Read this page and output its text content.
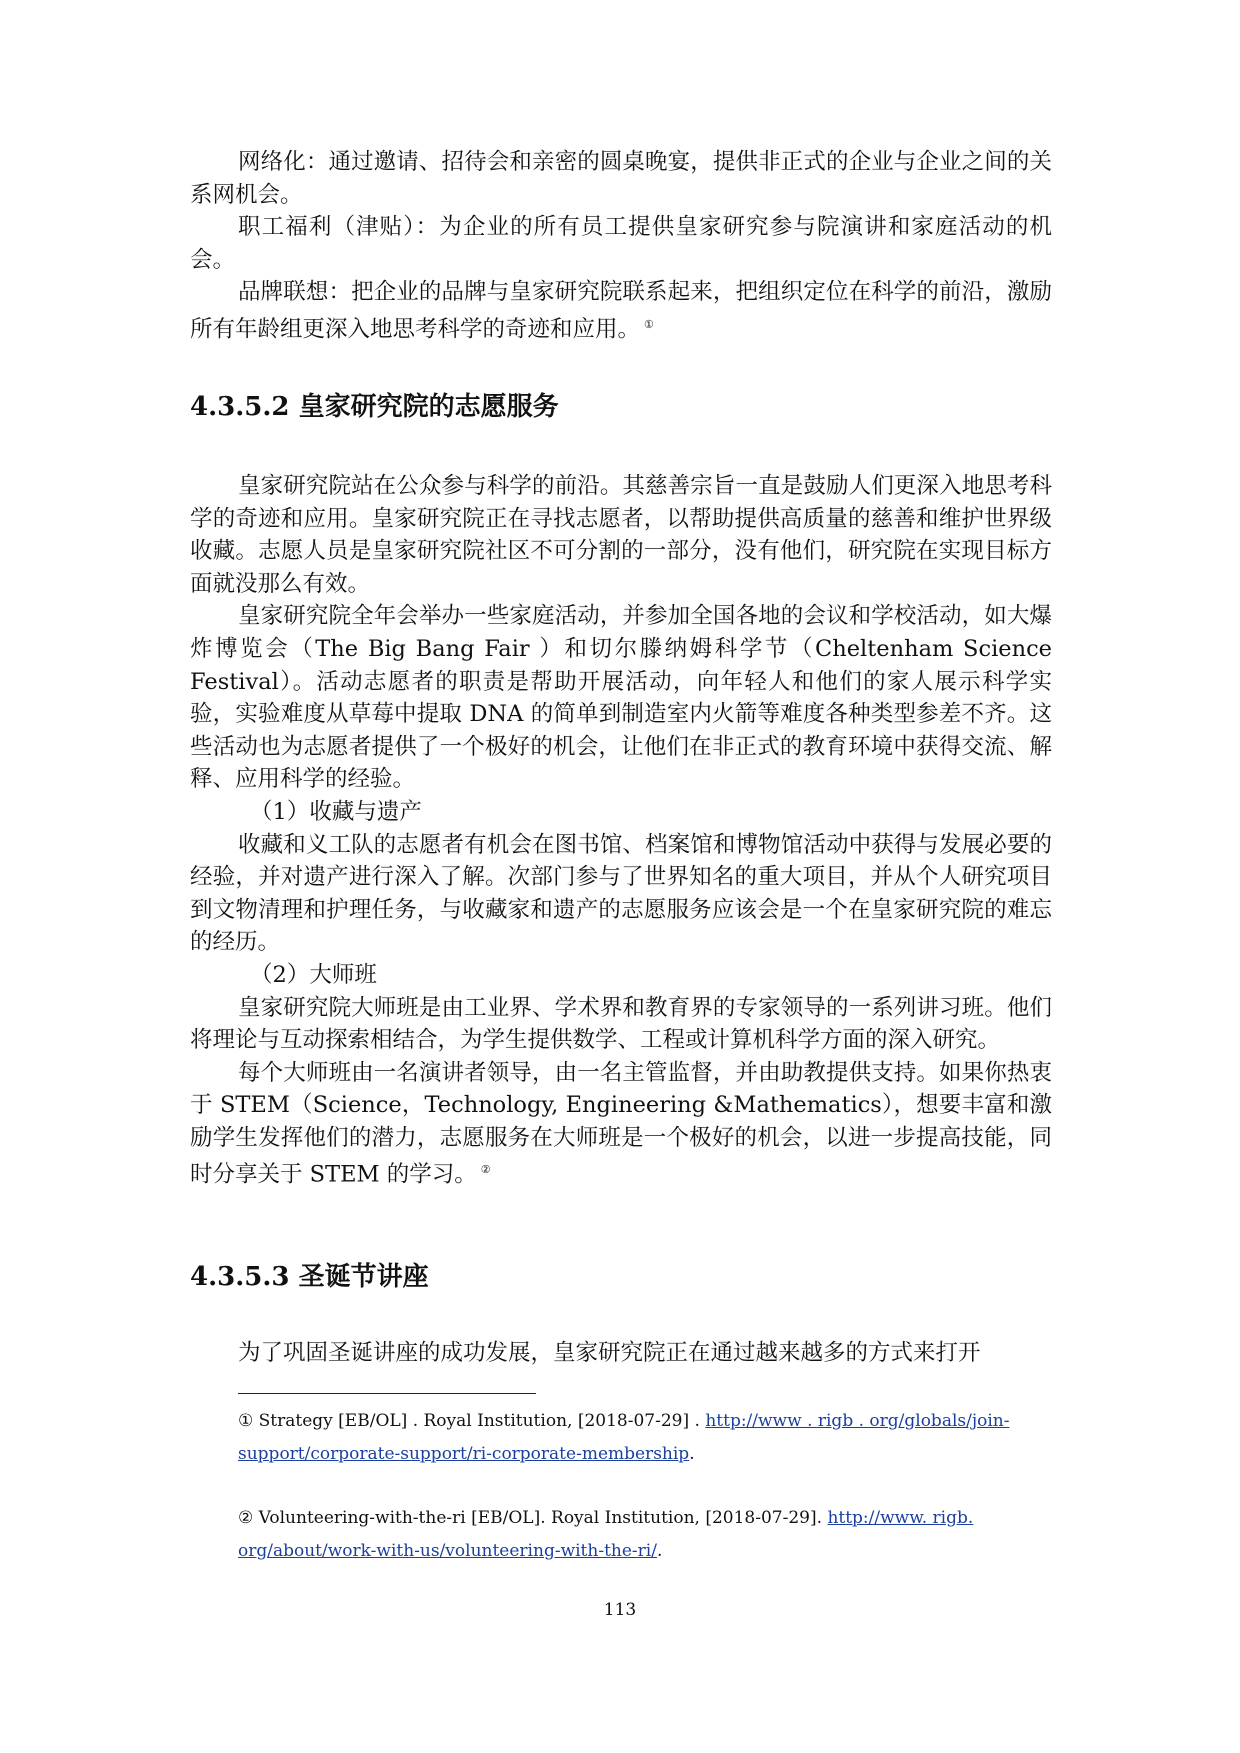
网络化：通过邀请、招待会和亲密的圆桌晚宴，提供非正式的企业与企业之间的关系网机会。

职工福利（津贴）：为企业的所有员工提供皇家研究参与院演讲和家庭活动的机会。

品牌联想：把企业的品牌与皇家研究院联系起来，把组织定位在科学的前沿，激励所有年龄组更深入地思考科学的奇迹和应用。 ①

4.3.5.2 皇家研究院的志愿服务

皇家研究院站在公众参与科学的前沿。其慈善宗旨一直是鼓励人们更深入地思考科学的奇迹和应用。皇家研究院正在寻找志愿者，以帮助提供高质量的慈善和维护世界级收藏。志愿人员是皇家研究院社区不可分割的一部分，没有他们，研究院在实现目标方面就没那么有效。

皇家研究院全年会举办一些家庭活动，并参加全国各地的会议和学校活动，如大爆炸博览会（The Big Bang Fair ）和切尔滕纳姆科学节（Cheltenham Science Festival）。活动志愿者的职责是帮助开展活动，向年轻人和他们的家人展示科学实验，实验难度从草莓中提取 DNA 的简单到制造室内火箭等难度各种类型参差不齐。这些活动也为志愿者提供了一个极好的机会，让他们在非正式的教育环境中获得交流、解释、应用科学的经验。

（1）收藏与遗产

收藏和义工队的志愿者有机会在图书馆、档案馆和博物馆活动中获得与发展必要的经验，并对遗产进行深入了解。次部门参与了世界知名的重大项目，并从个人研究项目到文物清理和护理任务，与收藏家和遗产的志愿服务应该会是一个在皇家研究院的难忘的经历。

（2）大师班

皇家研究院大师班是由工业界、学术界和教育界的专家领导的一系列讲习班。他们将理论与互动探索相结合，为学生提供数学、工程或计算机科学方面的深入研究。

每个大师班由一名演讲者领导，由一名主管监督，并由助教提供支持。如果你热衷于 STEM（Science，Technology, Engineering &Mathematics），想要丰富和激励学生发挥他们的潜力，志愿服务在大师班是一个极好的机会，以进一步提高技能，同时分享关于 STEM 的学习。 ②

4.3.5.3 圣诞节讲座

为了巩固圣诞讲座的成功发展，皇家研究院正在通过越来越多的方式来打开

① Strategy [EB/OL] . Royal Institution, [2018-07-29] . http://www . rigb . org/globals/join-support/corporate-support/ri-corporate-membership.
② Volunteering-with-the-ri [EB/OL]. Royal Institution, [2018-07-29]. http://www. rigb. org/about/work-with-us/volunteering-with-the-ri/.
113
